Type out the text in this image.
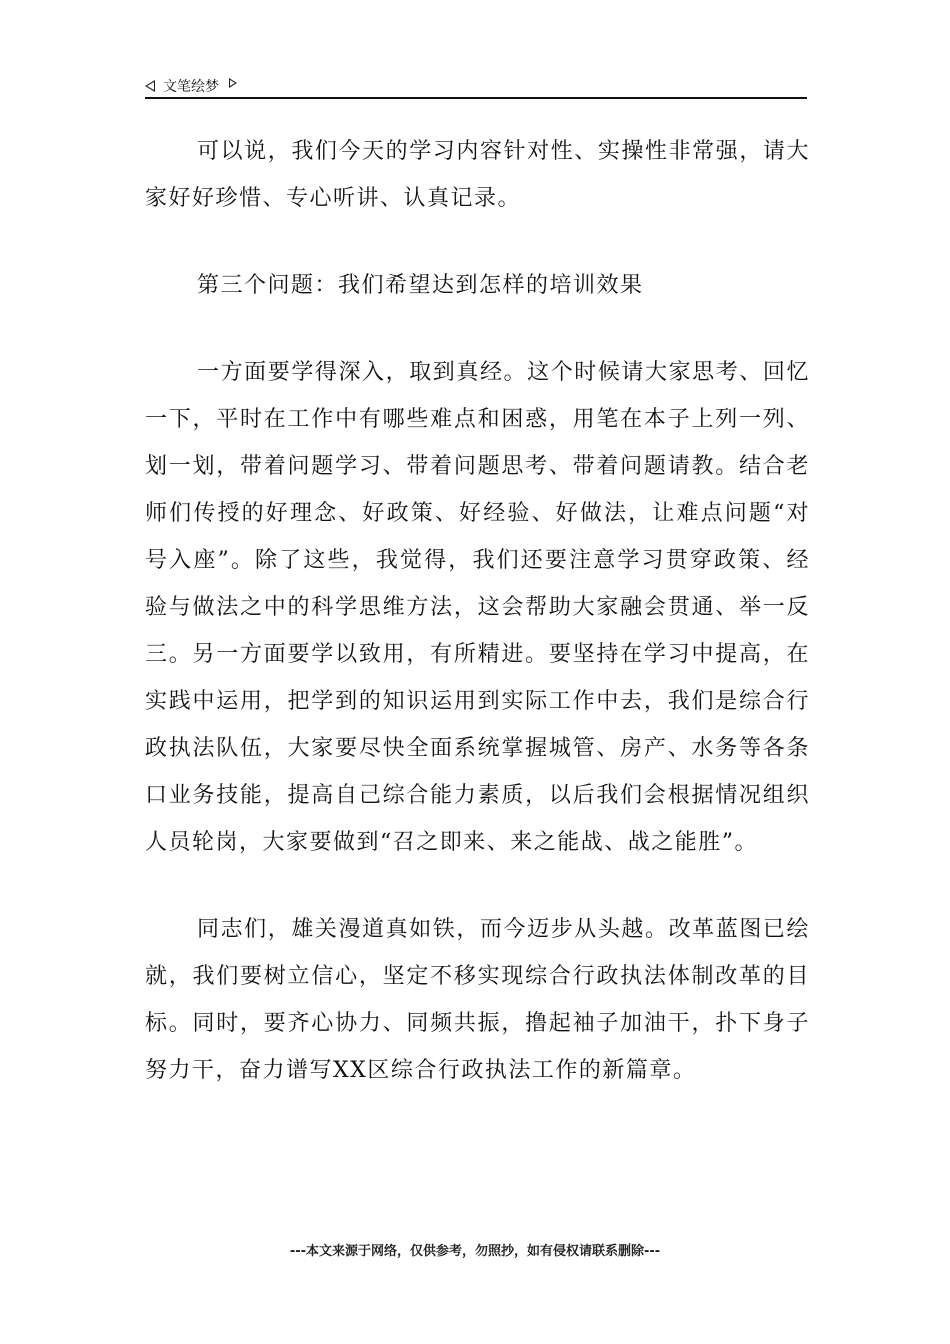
文笔绘梦

可以说，我们今天的学习内容针对性、实操性非常强，请大家好好珍惜、专心听讲、认真记录。

第三个问题：我们希望达到怎样的培训效果

一方面要学得深入，取到真经。这个时候请大家思考、回忆一下，平时在工作中有哪些难点和困惑，用笔在本子上列一列、划一划，带着问题学习、带着问题思考、带着问题请教。结合老师们传授的好理念、好政策、好经验、好做法，让难点问题“对号入座”。除了这些，我觉得，我们还要注意学习贯穿政策、经验与做法之中的科学思维方法，这会帮助大家融会贯通、举一反三。另一方面要学以致用，有所精进。要坚持在学习中提高，在实践中运用，把学到的知识运用到实际工作中去，我们是综合行政执法队伍，大家要尽快全面系统掌握城管、房产、水务等各条口业务技能，提高自己综合能力素质，以后我们会根据情况组织人员轮岗，大家要做到“召之即来、来之能战、战之能胜”。

同志们，雄关漫道真如铁，而今迈步从头越。改革蓝图已绘就，我们要树立信心，坚定不移实现综合行政执法体制改革的目标。同时，要齐心协力、同频共振，撸起袖子加油干，扑下身子努力干，奋力谱写XX区综合行政执法工作的新篇章。

---本文来源于网络，仅供参考，勿照抄，如有侵权请联系删除---
